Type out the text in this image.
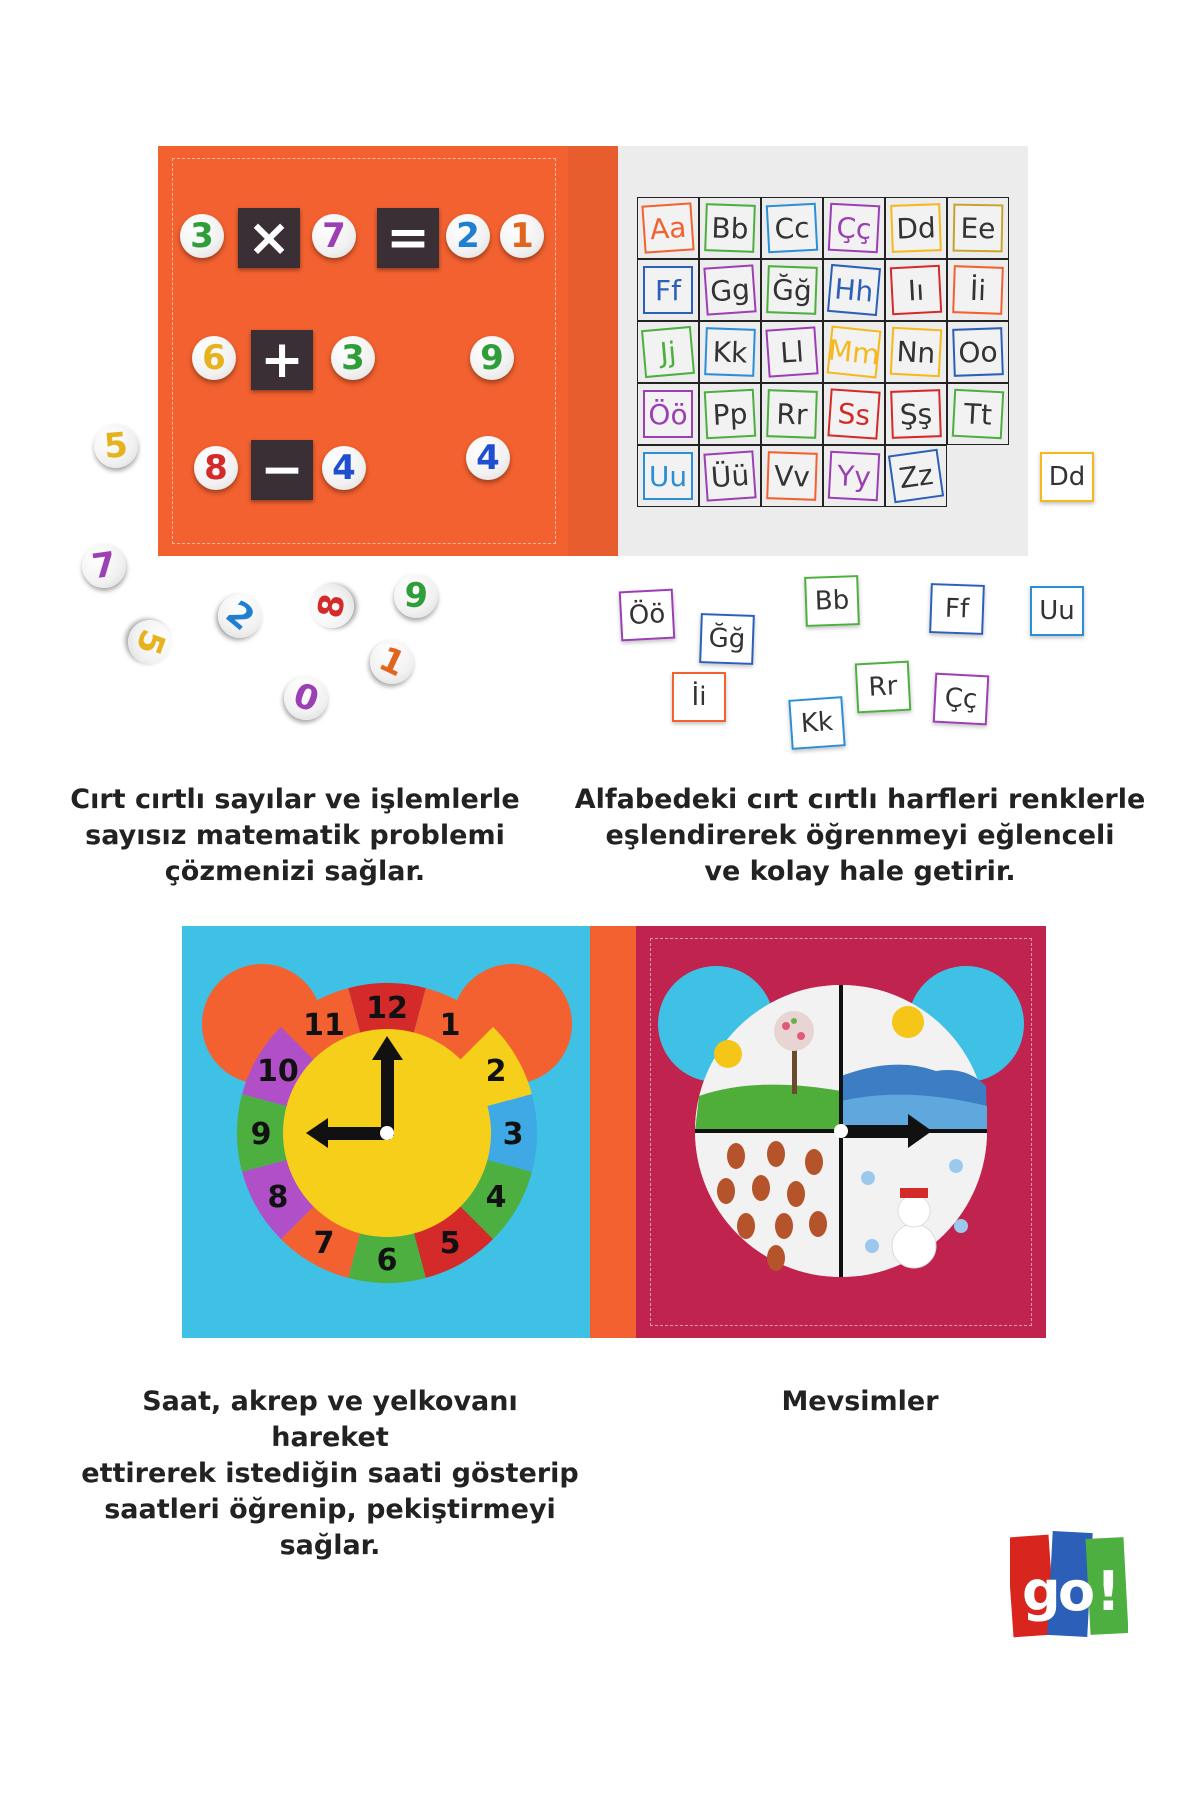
3 × 7 = 2 1
6 + 3	9
8 − 4	4
5
7
5
2 8	9
1
0
Aa Bb Cc Çç Dd Ee
Ff	Gg Ğğ Hh	Iı	İi
Jj	Kk	Ll Mm Nn Oo
Öö Pp Rr	Ss Şş	Tt
Uu Üü Vv Yy Zz	Dd
Öö
Ğğ
Bb	Ff	Uu
İi
Kk
Rr	Çç
Cırt cırtlı sayılar ve işlemlerle
sayısız matematik problemi
çözmenizi sağlar.
Alfabedeki cırt cırtlı harfleri renklerle
eşlendirerek öğrenmeyi eğlenceli
ve kolay hale getirir.
12 1
2
3
4
5
6
7
8
9
10
11
Saat, akrep ve yelkovanı hareket
ettirerek istediğin saati gösterip
saatleri öğrenip, pekiştirmeyi sağlar.
Mevsimler
g
o !
